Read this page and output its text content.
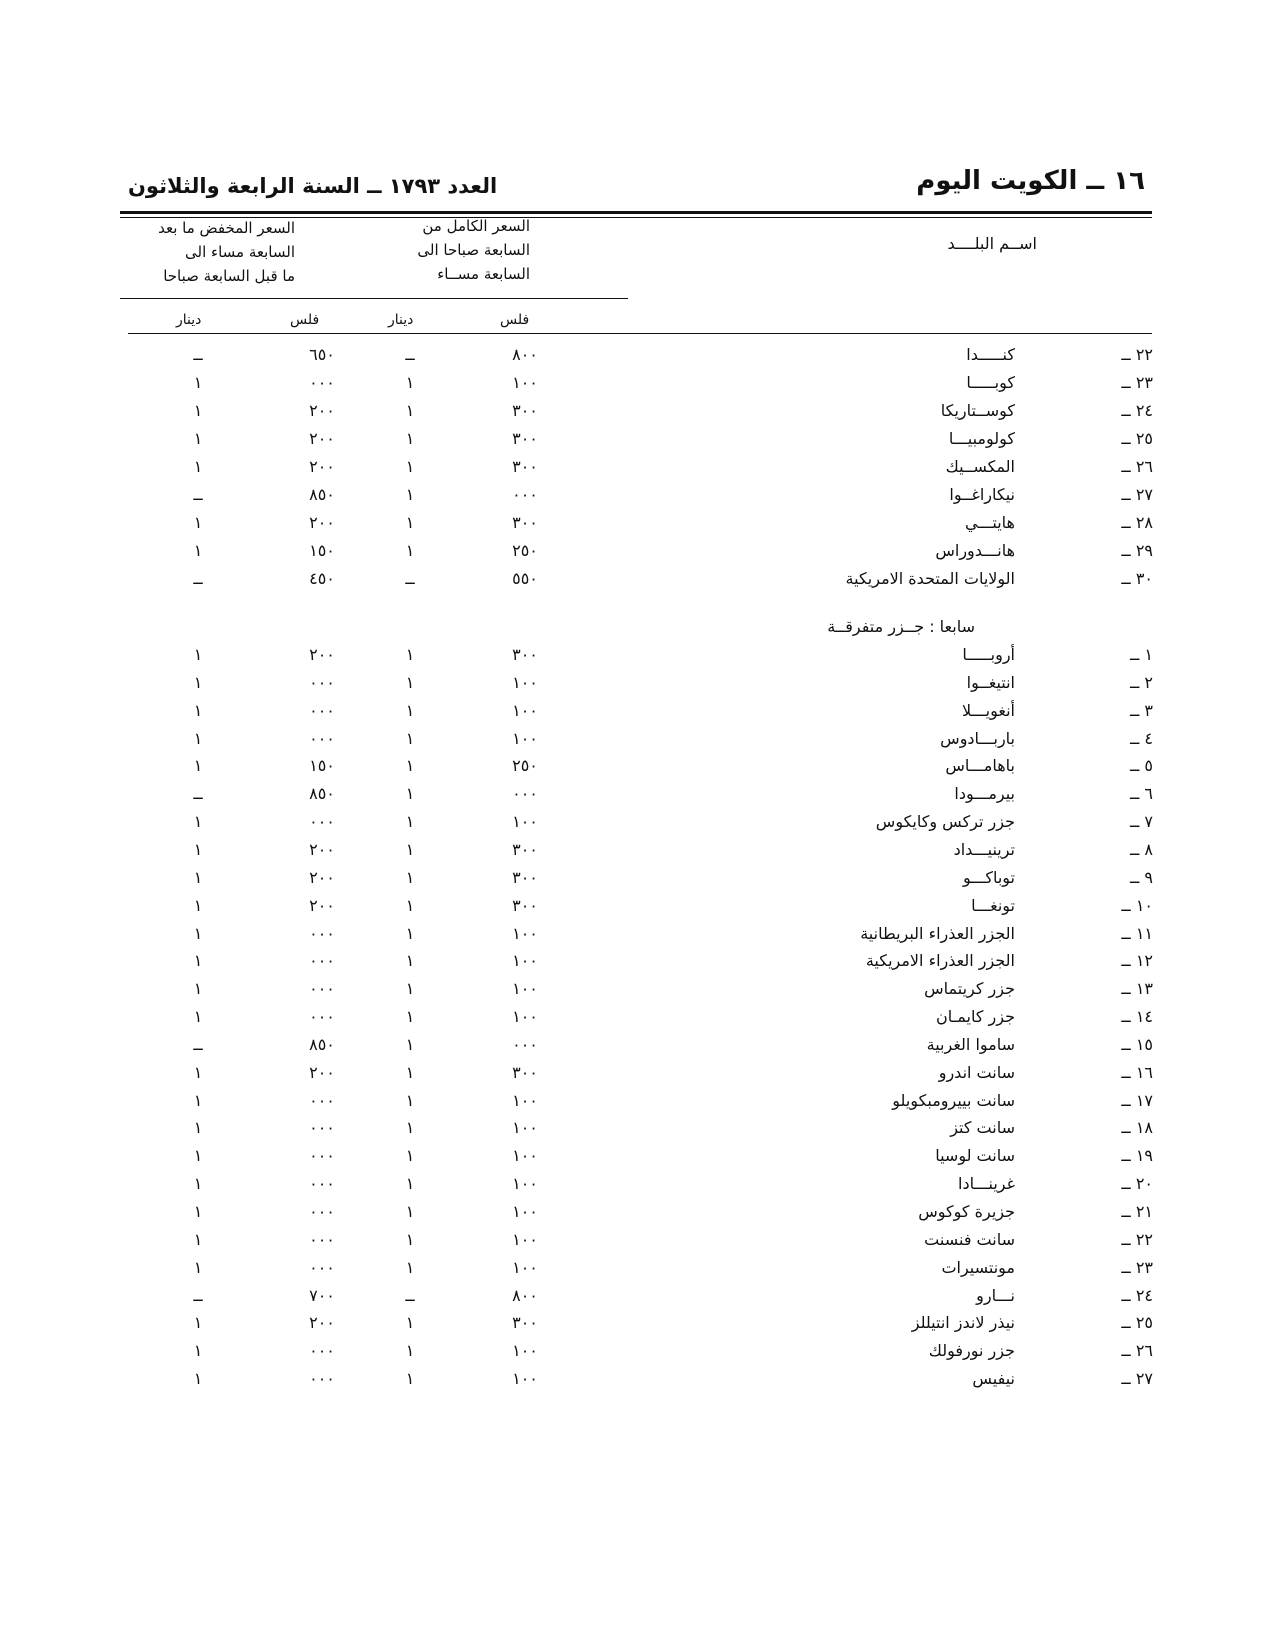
١٦ ــ الكويت اليوم
العدد ١٧٩٣ ــ السنة الرابعة والثلاثون
اســم البلــــد
السعر الكامل من
السابعة صباحا الى
السابعة مســاء
السعر المخفض ما بعد
السابعة مساء الى
ما قبل السابعة صباحا
فلس
دينار
فلس
دينار
٢٢ ــ
كنـــــدا
٨٠٠
ــ
٦٥٠
ــ
٢٣ ــ
كوبـــــا
١٠٠
١
٠٠٠
١
٢٤ ــ
كوســتاريكا
٣٠٠
١
٢٠٠
١
٢٥ ــ
كولومبيـــا
٣٠٠
١
٢٠٠
١
٢٦ ــ
المكســيك
٣٠٠
١
٢٠٠
١
٢٧ ــ
نيكاراغــوا
٠٠٠
١
٨٥٠
ــ
٢٨ ــ
هايتـــي
٣٠٠
١
٢٠٠
١
٢٩ ــ
هانـــدوراس
٢٥٠
١
١٥٠
١
٣٠ ــ
الولايات المتحدة الامريكية
٥٥٠
ــ
٤٥٠
ــ
سابعا : جــزر متفرقــة
١ ــ
أروبـــــا
٣٠٠
١
٢٠٠
١
٢ ــ
انتيغــوا
١٠٠
١
٠٠٠
١
٣ ــ
أنغويـــلا
١٠٠
١
٠٠٠
١
٤ ــ
باربـــادوس
١٠٠
١
٠٠٠
١
٥ ــ
باهامـــاس
٢٥٠
١
١٥٠
١
٦ ــ
بيرمـــودا
٠٠٠
١
٨٥٠
ــ
٧ ــ
جزر تركس وكايكوس
١٠٠
١
٠٠٠
١
٨ ــ
ترينيـــداد
٣٠٠
١
٢٠٠
١
٩ ــ
توباكـــو
٣٠٠
١
٢٠٠
١
١٠ ــ
تونغـــا
٣٠٠
١
٢٠٠
١
١١ ــ
الجزر العذراء البريطانية
١٠٠
١
٠٠٠
١
١٢ ــ
الجزر العذراء الامريكية
١٠٠
١
٠٠٠
١
١٣ ــ
جزر كريتماس
١٠٠
١
٠٠٠
١
١٤ ــ
جزر كايمـان
١٠٠
١
٠٠٠
١
١٥ ــ
ساموا الغربية
٠٠٠
١
٨٥٠
ــ
١٦ ــ
سانت اندرو
٣٠٠
١
٢٠٠
١
١٧ ــ
سانت بييرومبكويلو
١٠٠
١
٠٠٠
١
١٨ ــ
سانت كتز
١٠٠
١
٠٠٠
١
١٩ ــ
سانت لوسيا
١٠٠
١
٠٠٠
١
٢٠ ــ
غرينـــادا
١٠٠
١
٠٠٠
١
٢١ ــ
جزيرة كوكوس
١٠٠
١
٠٠٠
١
٢٢ ــ
سانت فنسنت
١٠٠
١
٠٠٠
١
٢٣ ــ
مونتسيرات
١٠٠
١
٠٠٠
١
٢٤ ــ
نـــارو
٨٠٠
ــ
٧٠٠
ــ
٢٥ ــ
نيذر لاندز انتيللز
٣٠٠
١
٢٠٠
١
٢٦ ــ
جزر نورفولك
١٠٠
١
٠٠٠
١
٢٧ ــ
نيفيس
١٠٠
١
٠٠٠
١
